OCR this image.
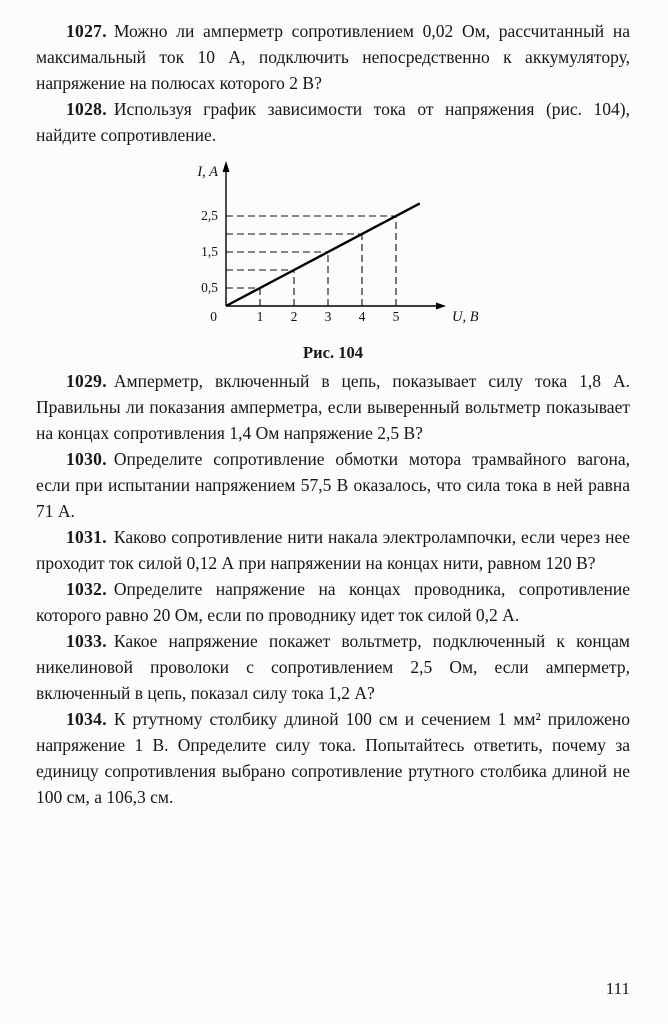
1027. Можно ли амперметр сопротивлением 0,02 Ом, рассчитанный на максимальный ток 10 А, подключить непосредственно к аккумулятору, напряжение на полюсах которого 2 В?

1028. Используя график зависимости тока от напряжения (рис. 104), найдите сопротивление.

I, A
U, В
0	1 2 3 4 5
0,5
1,5
2,5
Рис. 104

1029. Амперметр, включенный в цепь, показывает силу тока 1,8 А. Правильны ли показания амперметра, если выверенный вольтметр показывает на концах сопротивления 1,4 Ом напряжение 2,5 В?

1030. Определите сопротивление обмотки мотора трамвайного вагона, если при испытании напряжением 57,5 В оказалось, что сила тока в ней равна 71 А.

1031. Каково сопротивление нити накала электролампочки, если через нее проходит ток силой 0,12 А при напряжении на концах нити, равном 120 В?

1032. Определите напряжение на концах проводника, сопротивление которого равно 20 Ом, если по проводнику идет ток силой 0,2 А.

1033. Какое напряжение покажет вольтметр, подключенный к концам никелиновой проволоки с сопротивлением 2,5 Ом, если амперметр, включенный в цепь, показал силу тока 1,2 А?

1034. К ртутному столбику длиной 100 см и сечением 1 мм² приложено напряжение 1 В. Определите силу тока. Попытайтесь ответить, почему за единицу сопротивления выбрано сопротивление ртутного столбика длиной не 100 см, а 106,3 см.

111
